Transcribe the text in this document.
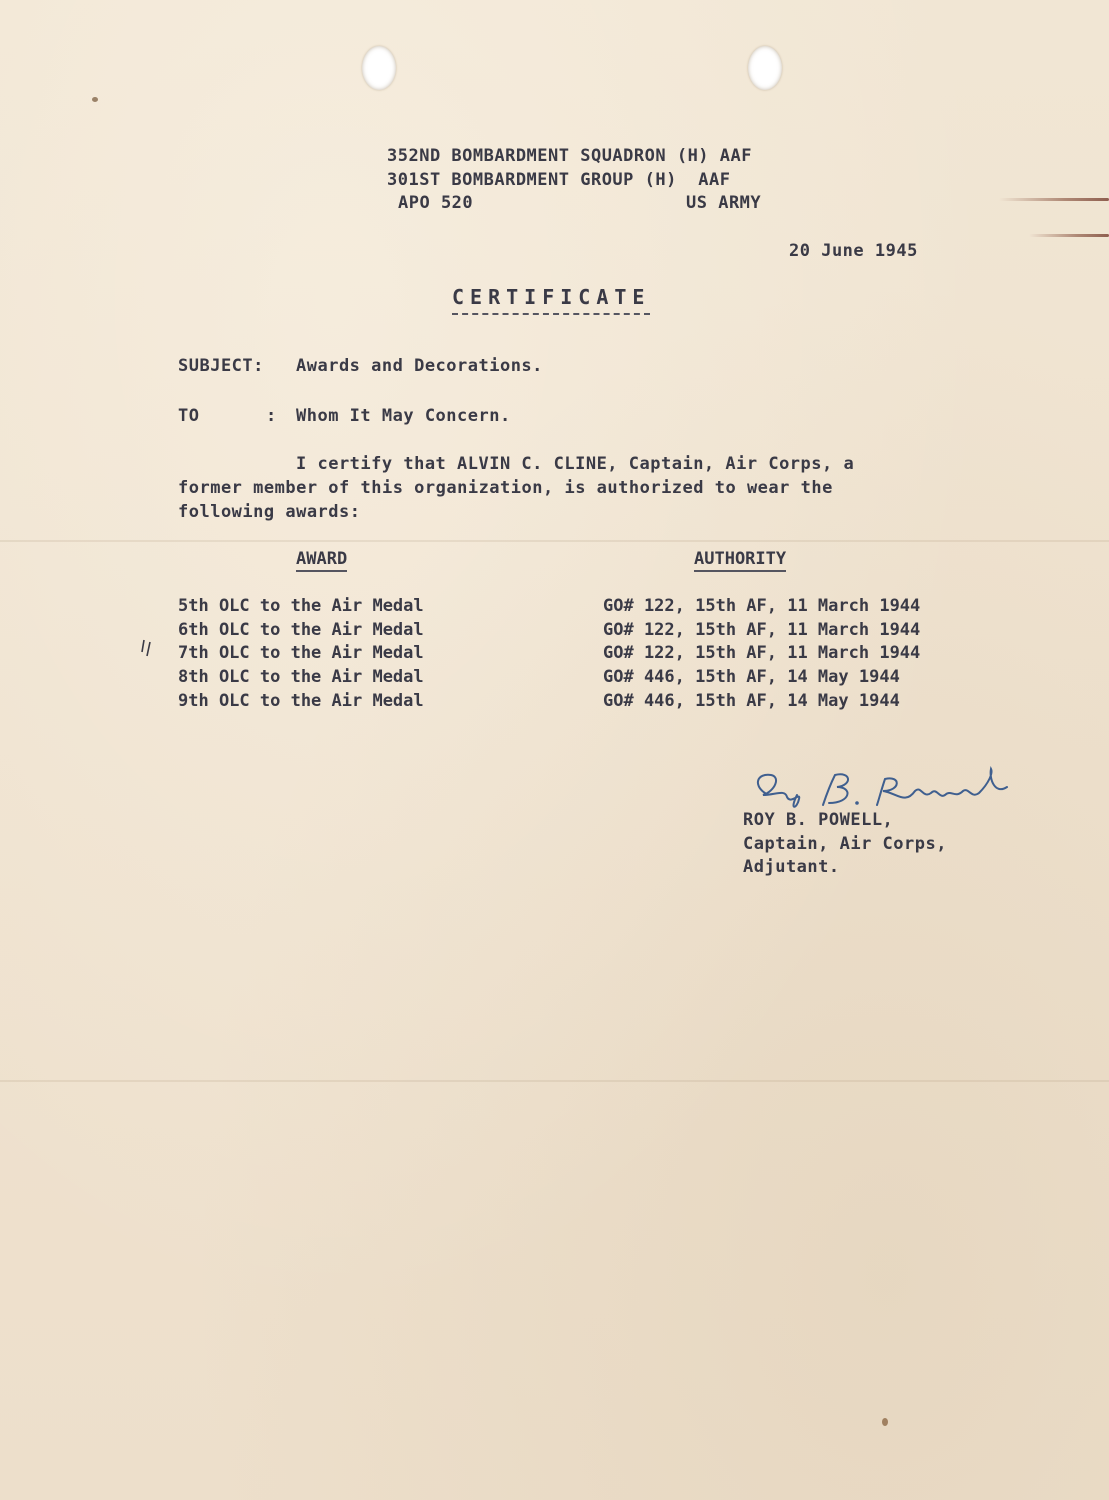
352ND BOMBARDMENT SQUADRON (H) AAF
301ST BOMBARDMENT GROUP (H)  AAF
APO 520	US ARMY
20 June 1945
CERTIFICATE
SUBJECT: Awards and Decorations.
TO	: Whom It May Concern.
I certify that ALVIN C. CLINE, Captain, Air Corps, a
former member of this organization, is authorized to wear the
following awards:
AWARD	AUTHORITY
5th OLC to the Air Medal	GO# 122, 15th AF, 11 March 1944
6th OLC to the Air Medal	GO# 122, 15th AF, 11 March 1944
7th OLC to the Air Medal	GO# 122, 15th AF, 11 March 1944
8th OLC to the Air Medal	GO# 446, 15th AF, 14 May 1944
9th OLC to the Air Medal	GO# 446, 15th AF, 14 May 1944
ROY B. POWELL,
Captain, Air Corps,
Adjutant.
